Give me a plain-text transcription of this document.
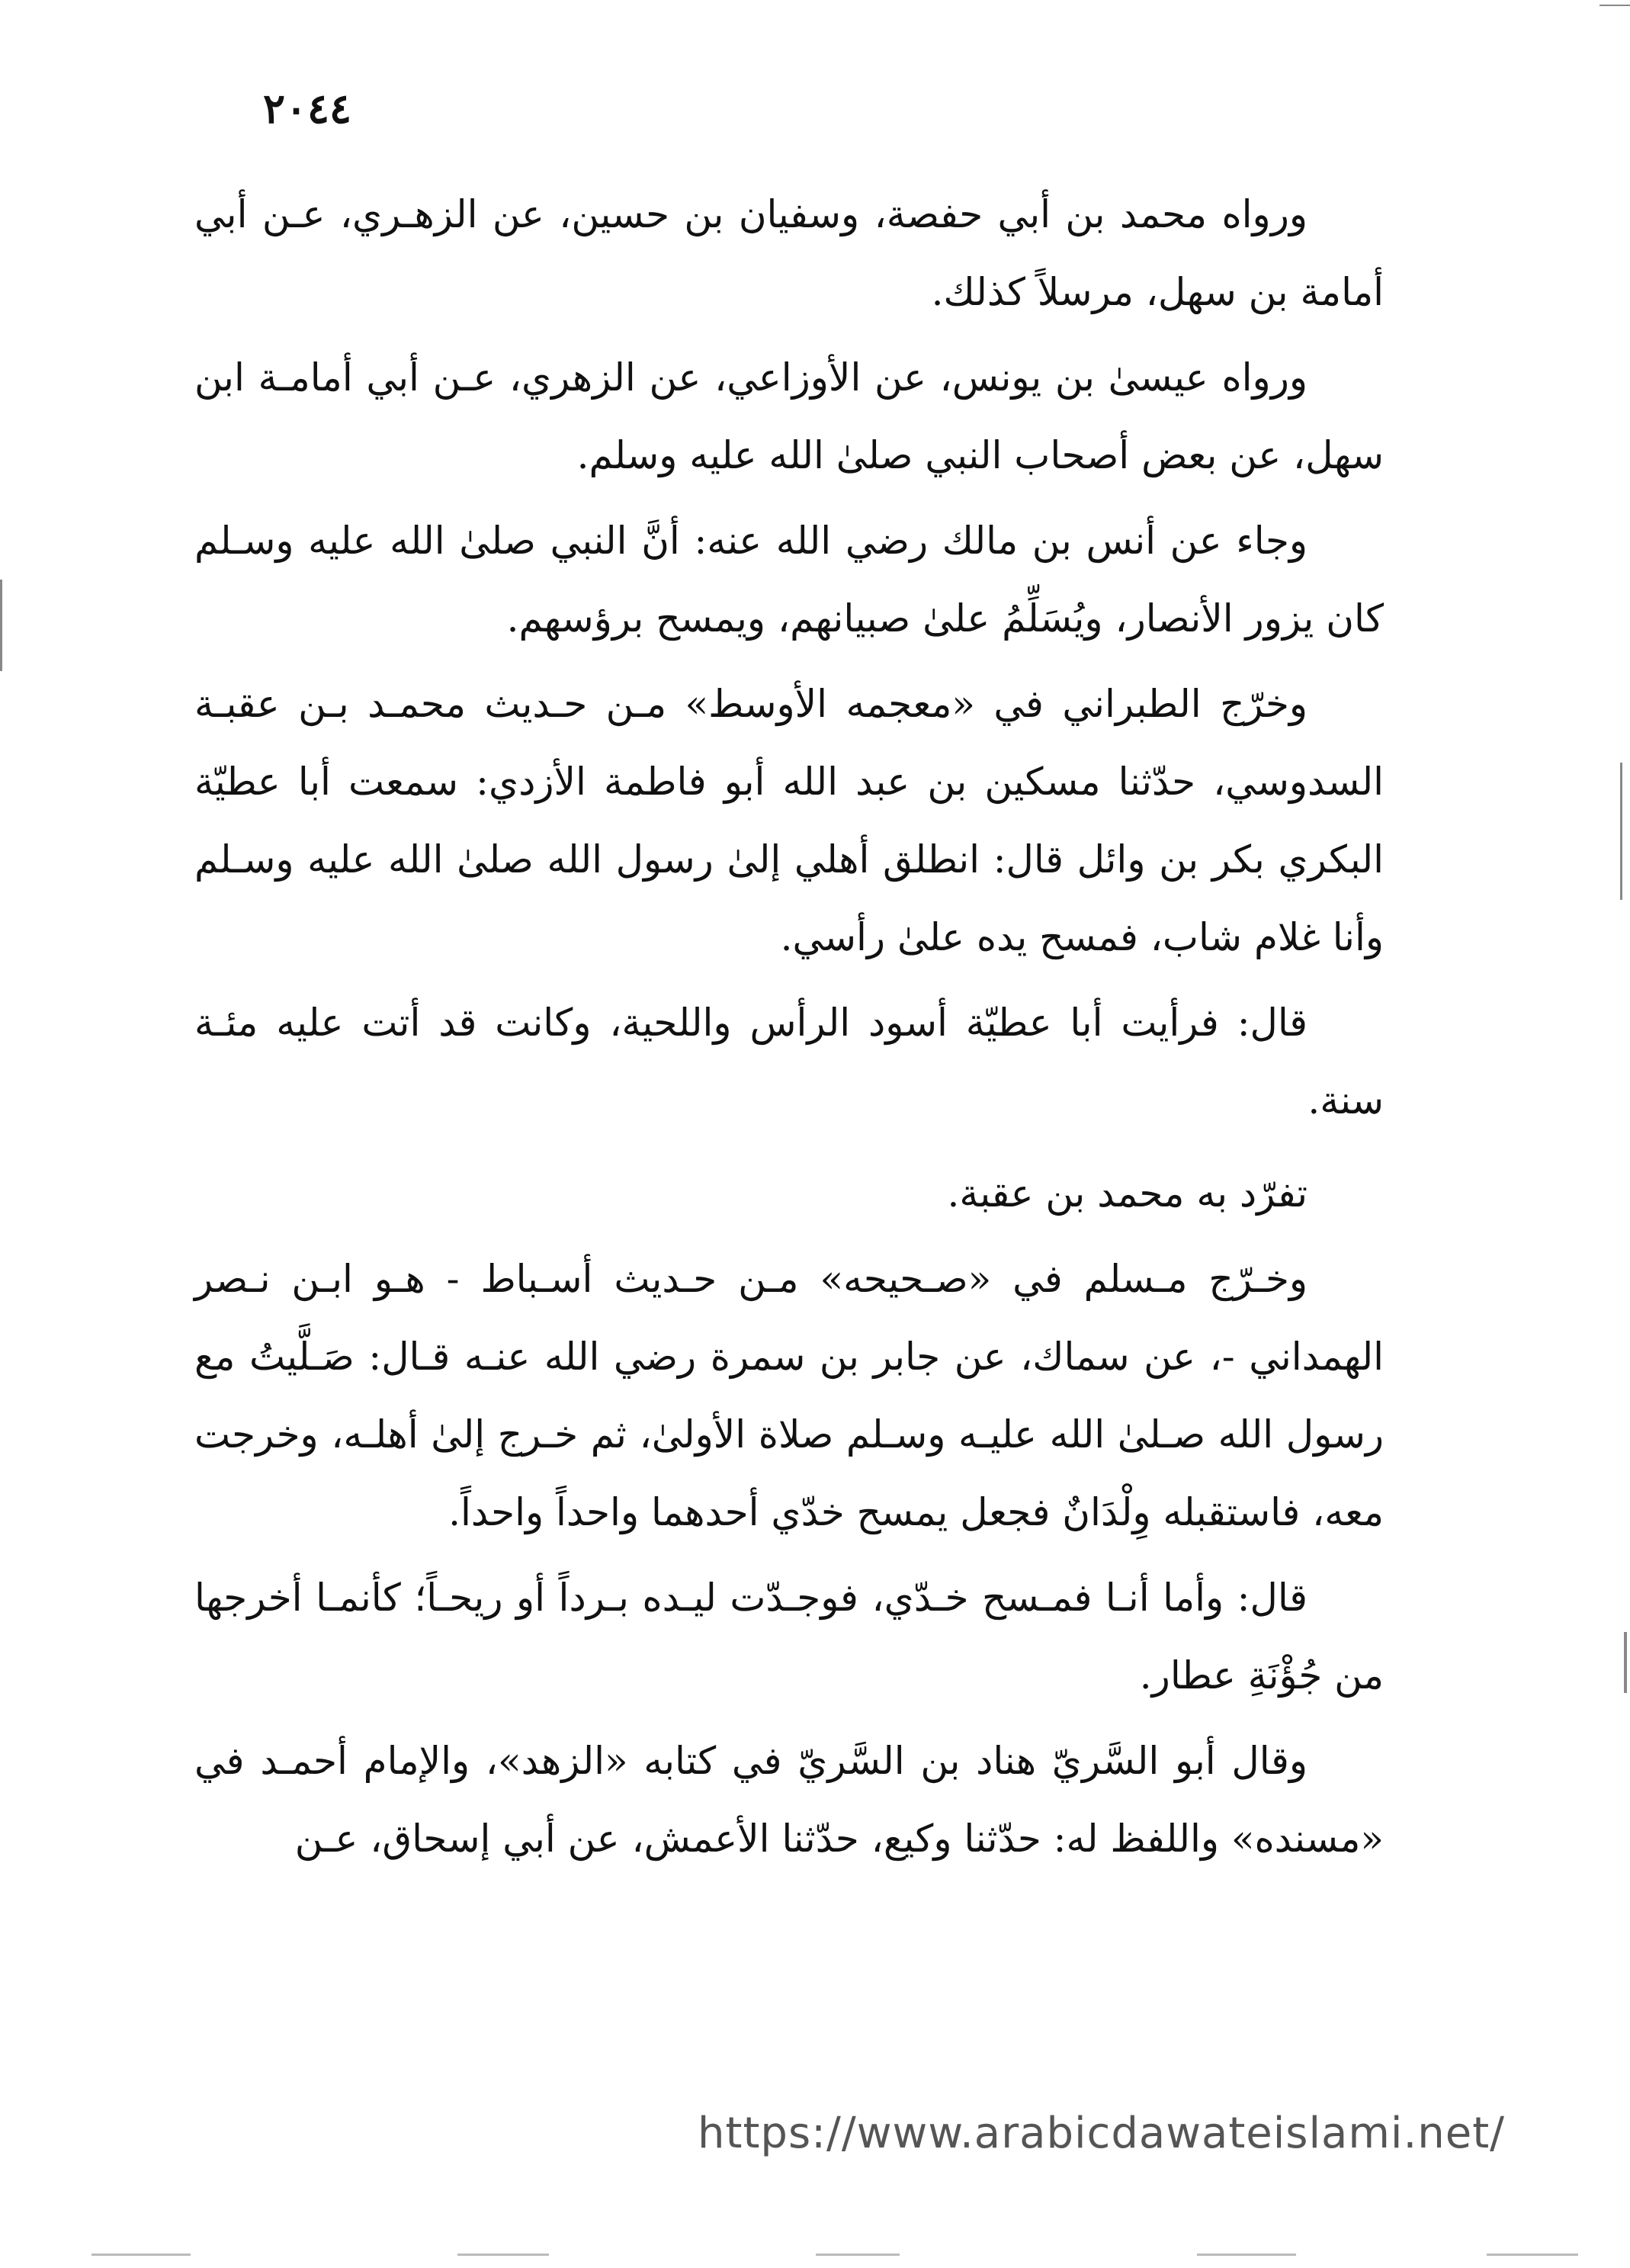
٢٠٤٤

ورواه محمد بن أبي حفصة، وسفيان بن حسين، عن الزهـري، عـن أبي أمامة بن سهل، مرسلاً كذلك.

ورواه عيسىٰ بن يونس، عن الأوزاعي، عن الزهري، عـن أبي أمامـة ابن سهل، عن بعض أصحاب النبي صلىٰ الله عليه وسلم.

وجاء عن أنس بن مالك رضي الله عنه: أنَّ النبي صلىٰ الله عليه وسـلم كان يزور الأنصار، ويُسَلِّمُ علىٰ صبيانهم، ويمسح برؤسهم.

وخرّج الطبراني في «معجمه الأوسط» مـن حـديث محمـد بـن عقبـة السدوسي، حدّثنا مسكين بن عبد الله أبو فاطمة الأزدي: سمعت أبا عطيّة البكري بكر بن وائل قال: انطلق أهلي إلىٰ رسول الله صلىٰ الله عليه وسـلم وأنا غلام شاب، فمسح يده علىٰ رأسي.

قال: فرأيت أبا عطيّة أسود الرأس واللحية، وكانت قد أتت عليه مئـة سنة.

تفرّد به محمد بن عقبة.

وخـرّج مـسلم في «صـحيحه» مـن حـديث أسـباط - هـو ابـن نـصر الهمداني -، عن سماك، عن جابر بن سمرة رضي الله عنـه قـال: صَـلَّيتُ مع رسول الله صـلىٰ الله عليـه وسـلم صلاة الأولىٰ، ثم خـرج إلىٰ أهلـه، وخرجت معه، فاستقبله وِلْدَانٌ فجعل يمسح خدّي أحدهما واحداً واحداً.

قال: وأما أنـا فمـسح خـدّي، فوجـدّت ليـده بـرداً أو ريحـاً؛ كأنمـا أخرجها من جُؤْنَةِ عطار.

وقال أبو السَّريّ هناد بن السَّريّ في كتابه «الزهد»، والإمام أحمـد في «مسنده» واللفظ له: حدّثنا وكيع، حدّثنا الأعمش، عن أبي إسحاق، عـن

https://www.arabicdawateislami.net/
